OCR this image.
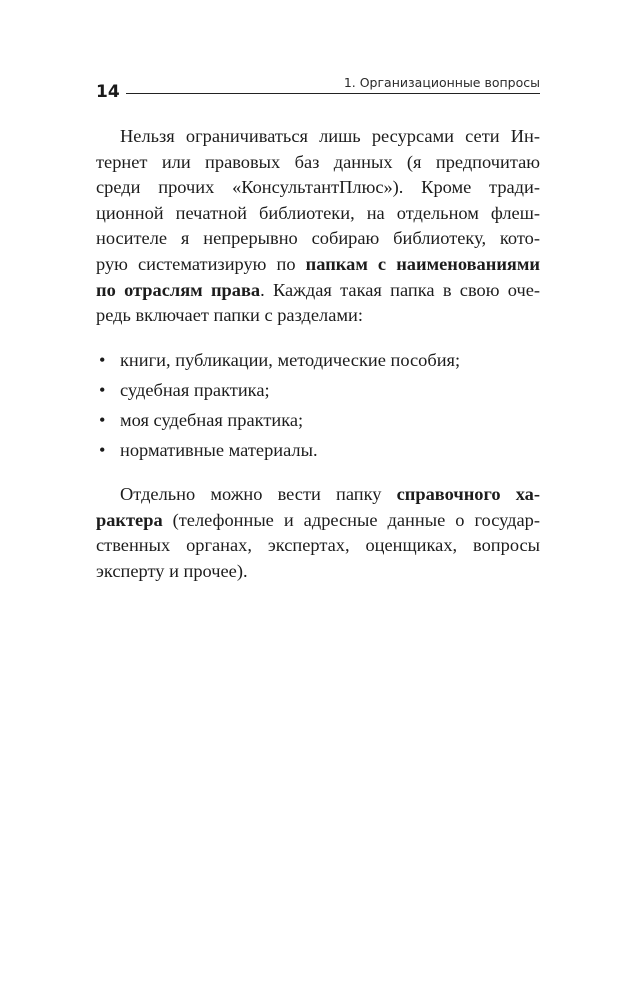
14	1. Организационные вопросы
Нельзя ограничиваться лишь ресурсами сети Ин-
тернет или правовых баз данных (я предпочитаю
среди прочих «КонсультантПлюс»). Кроме тради-
ционной печатной библиотеки, на отдельном флеш-
носителе я непрерывно собираю библиотеку, кото-
рую систематизирую по папкам с наименованиями
по отраслям права. Каждая такая папка в свою оче-
редь включает папки с разделами:
• книги, публикации, методические пособия;
• судебная практика;
• моя судебная практика;
• нормативные материалы.
Отдельно можно вести папку справочного ха-
рактера (телефонные и адресные данные о государ-
ственных органах, экспертах, оценщиках, вопросы
эксперту и прочее).
